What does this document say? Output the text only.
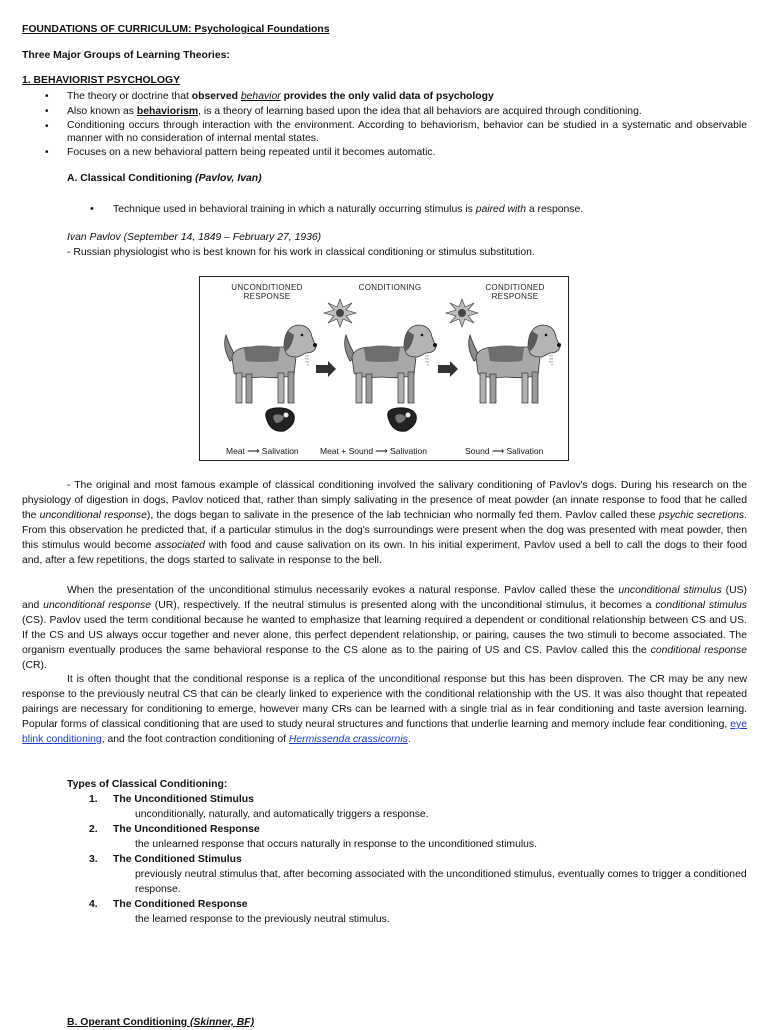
FOUNDATIONS OF CURRICULUM: Psychological Foundations
Three Major Groups of Learning Theories:
1. BEHAVIORIST PSYCHOLOGY
• The theory or doctrine that observed behavior provides the only valid data of psychology
• Also known as behaviorism, is a theory of learning based upon the idea that all behaviors are acquired through conditioning.
• Conditioning occurs through interaction with the environment. According to behaviorism, behavior can be studied in a systematic and observable manner with no consideration of internal mental states.
• Focuses on a new behavioral pattern being repeated until it becomes automatic.
A. Classical Conditioning (Pavlov, Ivan)
• Technique used in behavioral training in which a naturally occurring stimulus is paired with a response.
Ivan Pavlov (September 14, 1849 – February 27, 1936)
- Russian physiologist who is best known for his work in classical conditioning or stimulus substitution.
UNCONDITIONED RESPONSE
CONDITIONING	CONDITIONED RESPONSE
Meat ⟶ Salivation	Meat + Sound ⟶ Salivation	Sound ⟶ Salivation
- The original and most famous example of classical conditioning involved the salivary conditioning of Pavlov's dogs. During his research on the physiology of digestion in dogs, Pavlov noticed that, rather than simply salivating in the presence of meat powder (an innate response to food that he called the unconditional response), the dogs began to salivate in the presence of the lab technician who normally fed them. Pavlov called these psychic secretions. From this observation he predicted that, if a particular stimulus in the dog's surroundings were present when the dog was presented with meat powder, then this stimulus would become associated with food and cause salivation on its own. In his initial experiment, Pavlov used a bell to call the dogs to their food and, after a few repetitions, the dogs started to salivate in response to the bell.
When the presentation of the unconditional stimulus necessarily evokes a natural response. Pavlov called these the unconditional stimulus (US) and unconditional response (UR), respectively. If the neutral stimulus is presented along with the unconditional stimulus, it becomes a conditional stimulus (CS). Pavlov used the term conditional because he wanted to emphasize that learning required a dependent or conditional relationship between CS and US. If the CS and US always occur together and never alone, this perfect dependent relationship, or pairing, causes the two stimuli to become associated. The organism eventually produces the same behavioral response to the CS alone as to the pairing of US and CS. Pavlov called this the conditional response (CR).
It is often thought that the conditional response is a replica of the unconditional response but this has been disproven. The CR may be any new response to the previously neutral CS that can be clearly linked to experience with the conditional relationship with the US. It was also thought that repeated pairings are necessary for conditioning to emerge, however many CRs can be learned with a single trial as in fear conditioning and taste aversion learning. Popular forms of classical conditioning that are used to study neural structures and functions that underlie learning and memory include fear conditioning, eye blink conditioning, and the foot contraction conditioning of Hermissenda crassicornis.
Types of Classical Conditioning:
1. The Unconditioned Stimulus
unconditionally, naturally, and automatically triggers a response.
2. The Unconditioned Response
the unlearned response that occurs naturally in response to the unconditioned stimulus.
3. The Conditioned Stimulus
previously neutral stimulus that, after becoming associated with the unconditioned stimulus, eventually comes to trigger a conditioned response.
4. The Conditioned Response
the learned response to the previously neutral stimulus.
B. Operant Conditioning (Skinner, BF)
